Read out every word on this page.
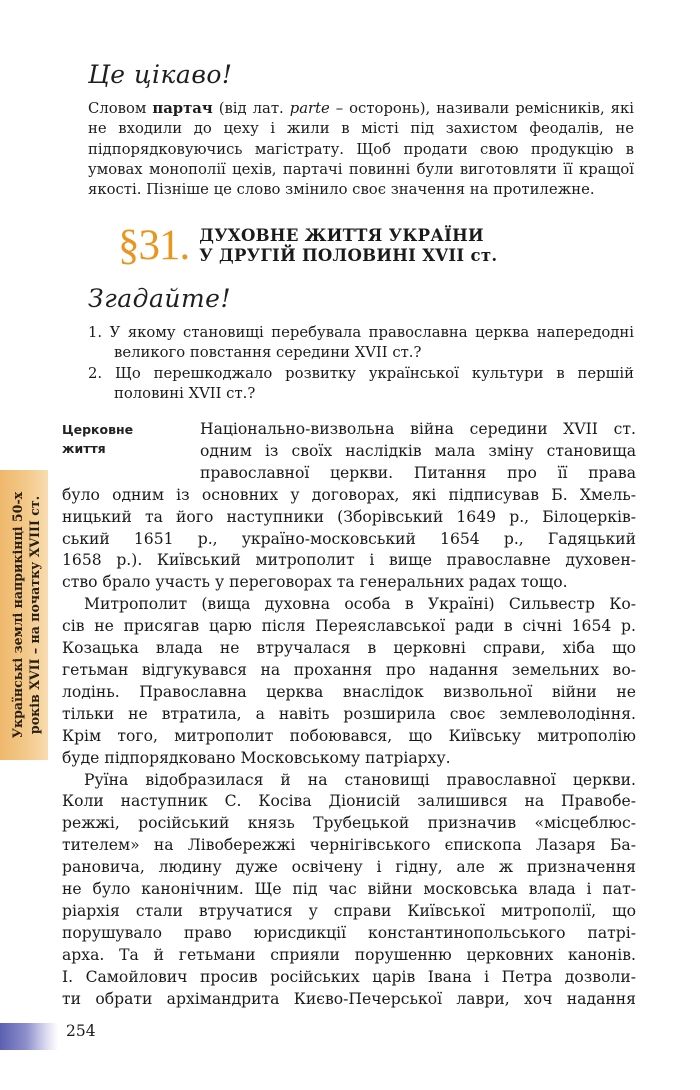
Це цікаво!
Словом партач (від лат. parte – осторонь), називали ремісників, які не входили до цеху і жили в місті під захистом феодалів, не підпорядковуючись магістрату. Щоб продати свою продукцію в умовах монополії цехів, партачі повинні були виготовляти її кращої якості. Пізніше це слово змінило своє значення на протилежне.
§31. ДУХОВНЕ ЖИТТЯ УКРАЇНИ
У ДРУГІЙ ПОЛОВИНІ XVII ст.
Згадайте!
1. У якому становищі перебувала православна церква напередодні великого повстання середини XVII ст.?
2. Що перешкоджало розвитку української культури в першій половині XVII ст.?
Церковне
життя
Національно-визвольна війна середини XVII ст.
одним із своїх наслідків мала зміну становища
православної церкви. Питання про її права
було одним із основних у договорах, які підписував Б. Хмель-
ницький та його наступники (Зборівський 1649 р., Білоцерків-
ський 1651 р., україно-московський 1654 р., Гадяцький
1658 р.). Київський митрополит і вище православне духовен-
ство брало участь у переговорах та генеральних радах тощо.
Митрополит (вища духовна особа в Україні) Сильвестр Ко-
сів не присягав царю після Переяславської ради в січні 1654 р.
Козацька влада не втручалася в церковні справи, хіба що
гетьман відгукувався на прохання про надання земельних во-
лодінь. Православна церква внаслідок визвольної війни не
тільки не втратила, а навіть розширила своє землеволодіння.
Крім того, митрополит побоювався, що Київську митрополію
буде підпорядковано Московському патріарху.
Руїна відобразилася й на становищі православної церкви.
Коли наступник С. Косіва Діонисій залишився на Правобе-
режжі, російський князь Трубецькой призначив «місцеблюс-
тителем» на Лівобережжі чернігівського єпископа Лазаря Ба-
рановича, людину дуже освічену і гідну, але ж призначення
не було канонічним. Ще під час війни московська влада і пат-
ріархія стали втручатися у справи Київської митрополії, що
порушувало право юрисдикції константинопольського патрі-
арха. Та й гетьмани сприяли порушенню церковних канонів.
І. Самойлович просив російських царів Івана і Петра дозволи-
ти обрати архімандрита Києво-Печерської лаври, хоч надання
Українські землі наприкінці 50-х років XVII – на початку XVIII ст.
254
